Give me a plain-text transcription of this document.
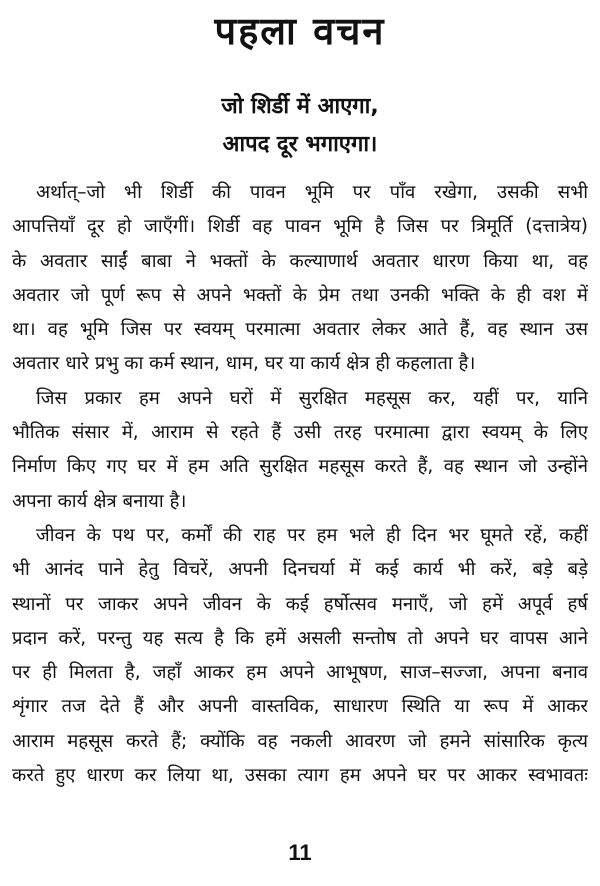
पहला वचन
जो शिर्डी में आएगा,
आपद दूर भगाएगा।
अर्थात्–जो भी शिर्डी की पावन भूमि पर पाँव रखेगा, उसकी सभी
आपत्तियाँ दूर हो जाएँगीं। शिर्डी वह पावन भूमि है जिस पर त्रिमूर्ति (दत्तात्रेय)
के अवतार साईं बाबा ने भक्तों के कल्याणार्थ अवतार धारण किया था, वह
अवतार जो पूर्ण रूप से अपने भक्तों के प्रेम तथा उनकी भक्ति के ही वश में
था। वह भूमि जिस पर स्वयम् परमात्मा अवतार लेकर आते हैं, वह स्थान उस
अवतार धारे प्रभु का कर्म स्थान, धाम, घर या कार्य क्षेत्र ही कहलाता है।
जिस प्रकार हम अपने घरों में सुरक्षित महसूस कर, यहीं पर, यानि
भौतिक संसार में, आराम से रहते हैं उसी तरह परमात्मा द्वारा स्वयम् के लिए
निर्माण किए गए घर में हम अति सुरक्षित महसूस करते हैं, वह स्थान जो उन्होंने
अपना कार्य क्षेत्र बनाया है।
जीवन के पथ पर, कर्मों की राह पर हम भले ही दिन भर घूमते रहें, कहीं
भी आनंद पाने हेतु विचरें, अपनी दिनचर्या में कई कार्य भी करें, बड़े बड़े
स्थानों पर जाकर अपने जीवन के कई हर्षोत्सव मनाएँ, जो हमें अपूर्व हर्ष
प्रदान करें, परन्तु यह सत्य है कि हमें असली सन्तोष तो अपने घर वापस आने
पर ही मिलता है, जहाँ आकर हम अपने आभूषण, साज–सज्जा, अपना बनाव
शृंगार तज देते हैं और अपनी वास्तविक, साधारण स्थिति या रूप में आकर
आराम महसूस करते हैं; क्योंकि वह नकली आवरण जो हमने सांसारिक कृत्य
करते हुए धारण कर लिया था, उसका त्याग हम अपने घर पर आकर स्वभावतः
11
